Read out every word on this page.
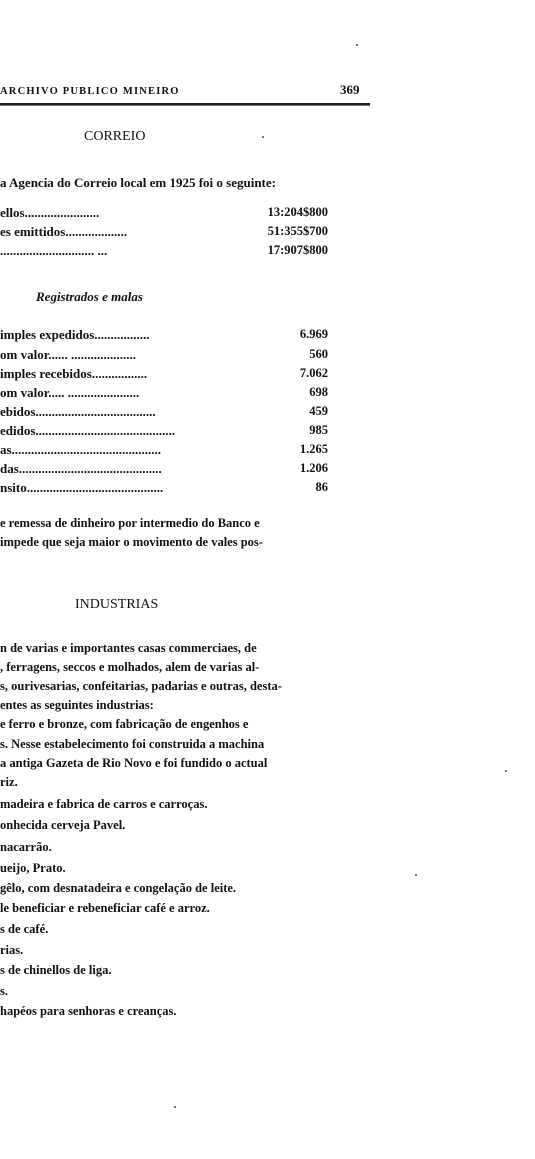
ARCHIVO PUBLICO MINEIRO	369
CORREIO
a Agencia do Correio local em 1925 foi o seguinte:
ellos.......................	13:204$800
es emittidos...................	51:355$700
............................. ...	17:907$800
Registrados e malas
imples expedidos.................	6.969
om valor...... ....................	560
imples recebidos.................	7.062
om valor..... ......................	698
ebidos.....................................	459
edidos...........................................	985
as..............................................	1.265
das............................................	1.206
nsito..........................................	86
e remessa de dinheiro por intermedio do Banco e
impede que seja maior o movimento de vales pos-
INDUSTRIAS
n de varias e importantes casas commerciaes, de
, ferragens, seccos e molhados, alem de varias al-
s, ourivesarias, confeitarias, padarias e outras, desta-
entes as seguintes industrias:
e ferro e bronze, com fabricação de engenhos e
s. Nesse estabelecimento foi construida a machina
a antiga Gazeta de Rio Novo e foi fundido o actual
riz.
madeira e fabrica de carros e carroças.
onhecida cerveja Pavel.
nacarrão.
ueijo, Prato.
gêlo, com desnatadeira e congelação de leite.
le beneficiar e rebeneficiar café e arroz.
s de café.
rias.
s de chinellos de liga.
s.
hapéos para senhoras e creanças.
